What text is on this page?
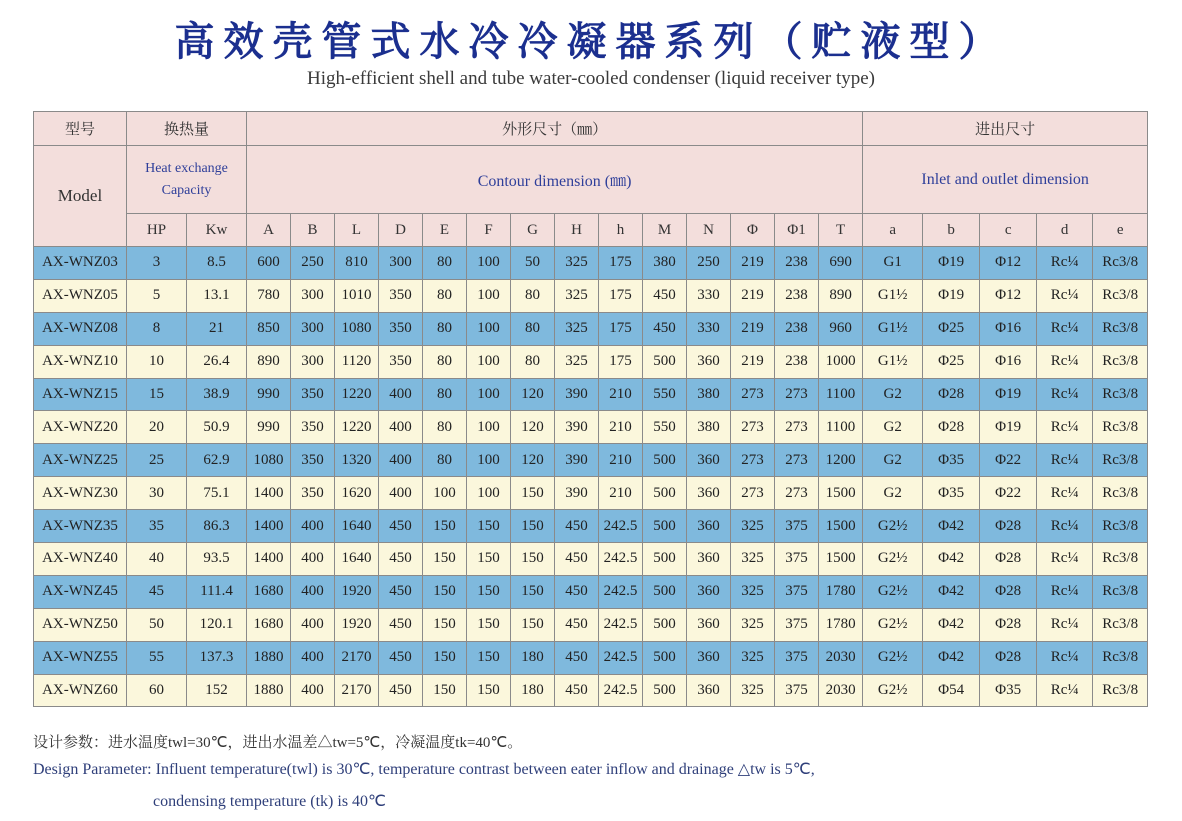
高效壳管式水冷冷凝器系列（贮液型）
High-efficient shell and tube water-cooled condenser (liquid receiver type)
型号	换热量		外形尺寸（㎜）														进出尺寸				
Model	Heat exchange
Capacity		Contour dimension (㎜)														Inlet and outlet dimension				
	HP	Kw	A	B	L	D	E	F	G	H	h	M	N	Φ	Φ1	T	a	b	c	d	e
AX-WNZ03	3	8.5	600	250	810	300	80	100	50	325	175	380	250	219	238	690	G1	Φ19	Φ12	Rc¼	Rc3/8
AX-WNZ05	5	13.1	780	300	1010	350	80	100	80	325	175	450	330	219	238	890	G1½	Φ19	Φ12	Rc¼	Rc3/8
AX-WNZ08	8	21	850	300	1080	350	80	100	80	325	175	450	330	219	238	960	G1½	Φ25	Φ16	Rc¼	Rc3/8
AX-WNZ10	10	26.4	890	300	1120	350	80	100	80	325	175	500	360	219	238	1000	G1½	Φ25	Φ16	Rc¼	Rc3/8
AX-WNZ15	15	38.9	990	350	1220	400	80	100	120	390	210	550	380	273	273	1100	G2	Φ28	Φ19	Rc¼	Rc3/8
AX-WNZ20	20	50.9	990	350	1220	400	80	100	120	390	210	550	380	273	273	1100	G2	Φ28	Φ19	Rc¼	Rc3/8
AX-WNZ25	25	62.9	1080	350	1320	400	80	100	120	390	210	500	360	273	273	1200	G2	Φ35	Φ22	Rc¼	Rc3/8
AX-WNZ30	30	75.1	1400	350	1620	400	100	100	150	390	210	500	360	273	273	1500	G2	Φ35	Φ22	Rc¼	Rc3/8
AX-WNZ35	35	86.3	1400	400	1640	450	150	150	150	450	242.5	500	360	325	375	1500	G2½	Φ42	Φ28	Rc¼	Rc3/8
AX-WNZ40	40	93.5	1400	400	1640	450	150	150	150	450	242.5	500	360	325	375	1500	G2½	Φ42	Φ28	Rc¼	Rc3/8
AX-WNZ45	45	111.4	1680	400	1920	450	150	150	150	450	242.5	500	360	325	375	1780	G2½	Φ42	Φ28	Rc¼	Rc3/8
AX-WNZ50	50	120.1	1680	400	1920	450	150	150	150	450	242.5	500	360	325	375	1780	G2½	Φ42	Φ28	Rc¼	Rc3/8
AX-WNZ55	55	137.3	1880	400	2170	450	150	150	180	450	242.5	500	360	325	375	2030	G2½	Φ42	Φ28	Rc¼	Rc3/8
AX-WNZ60	60	152	1880	400	2170	450	150	150	180	450	242.5	500	360	325	375	2030	G2½	Φ54	Φ35	Rc¼	Rc3/8
设计参数：进水温度twl=30℃，进出水温差△tw=5℃，冷凝温度tk=40℃。
Design Parameter: Influent temperature(twl) is 30℃, temperature contrast between eater inflow and drainage △tw is 5℃,
condensing temperature (tk) is 40℃
